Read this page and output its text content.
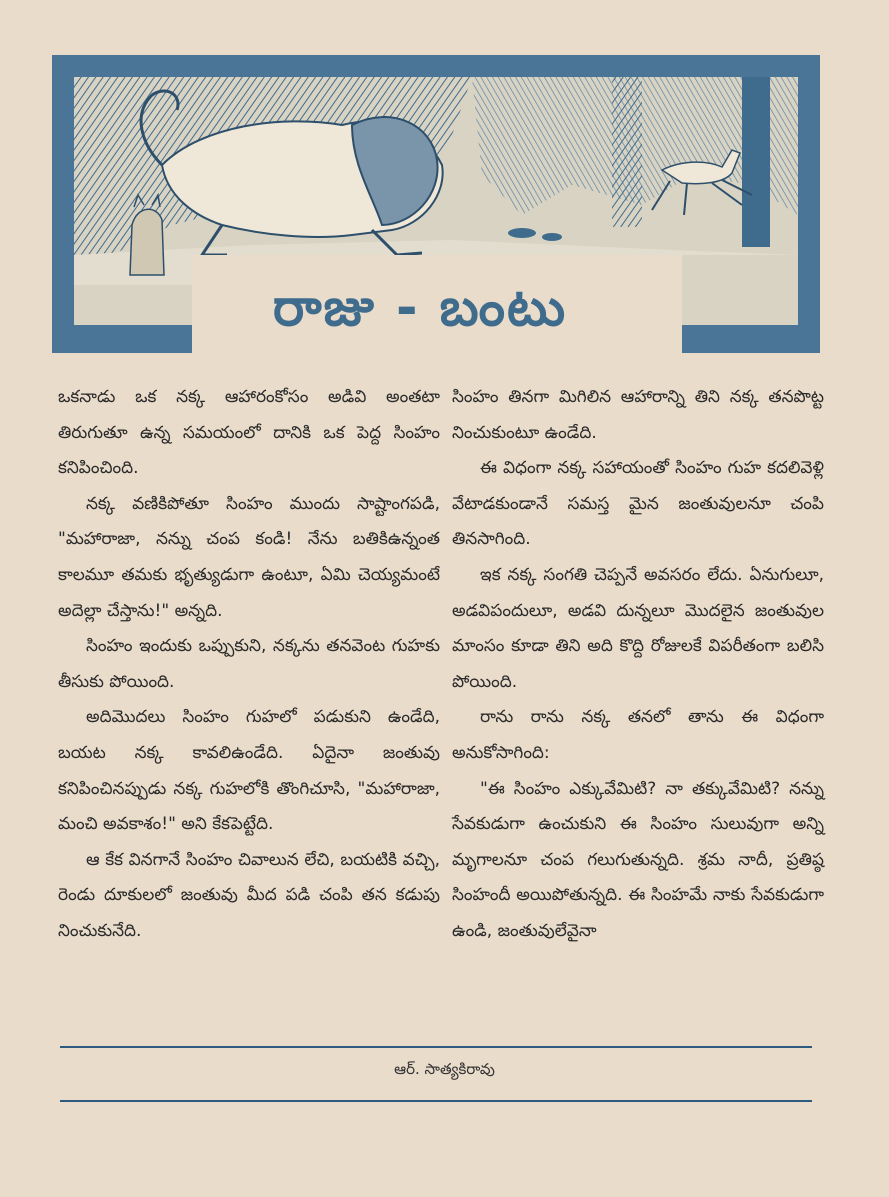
రాజు - బంటు

ఒకనాడు ఒక నక్క ఆహారంకోసం అడివి అంతటా తిరుగుతూ ఉన్న సమయంలో దానికి ఒక పెద్ద సింహం కనిపించింది.

నక్క వణికిపోతూ సింహం ముందు సాష్టాంగపడి, "మహారాజా, నన్ను చంప కండి! నేను బతికిఉన్నంత కాలమూ తమకు భృత్యుడుగా ఉంటూ, ఏమి చెయ్యమంటే అదెల్లా చేస్తాను!" అన్నది.

సింహం ఇందుకు ఒప్పుకుని, నక్కను తనవెంట గుహకు తీసుకు పోయింది.

అదిమొదలు సింహం గుహలో పడుకుని ఉండేది, బయట నక్క కావలిఉండేది. ఏదైనా జంతువు కనిపించినప్పుడు నక్క గుహలోకి తొంగిచూసి, "మహారాజా, మంచి అవకాశం!" అని కేకపెట్టేది.

ఆ కేక వినగానే సింహం చివాలున లేచి, బయటికి వచ్చి, రెండు దూకులలో జంతువు మీద పడి చంపి తన కడుపు నించుకునేది.

సింహం తినగా మిగిలిన ఆహారాన్ని తిని నక్క తనపొట్ట నించుకుంటూ ఉండేది.

ఈ విధంగా నక్క సహాయంతో సింహం గుహ కదలివెళ్లి వేటాడకుండానే సమస్త మైన జంతువులనూ చంపి తినసాగింది.

ఇక నక్క సంగతి చెప్పనే అవసరం లేదు. ఏనుగులూ, అడవిపందులూ, అడవి దున్నలూ మొదలైన జంతువుల మాంసం కూడా తిని అది కొద్ది రోజులకే విపరీతంగా బలిసి పోయింది.

రాను రాను నక్క తనలో తాను ఈ విధంగా అనుకోసాగింది:

"ఈ సింహం ఎక్కువేమిటి? నా తక్కువేమిటి? నన్ను సేవకుడుగా ఉంచుకుని ఈ సింహం సులువుగా అన్ని మృగాలనూ చంప గలుగుతున్నది. శ్రమ నాదీ, ప్రతిష్ఠ సింహందీ అయిపోతున్నది. ఈ సింహమే నాకు సేవకుడుగా ఉండి, జంతువులేవైనా

ఆర్. సాత్యకిరావు
